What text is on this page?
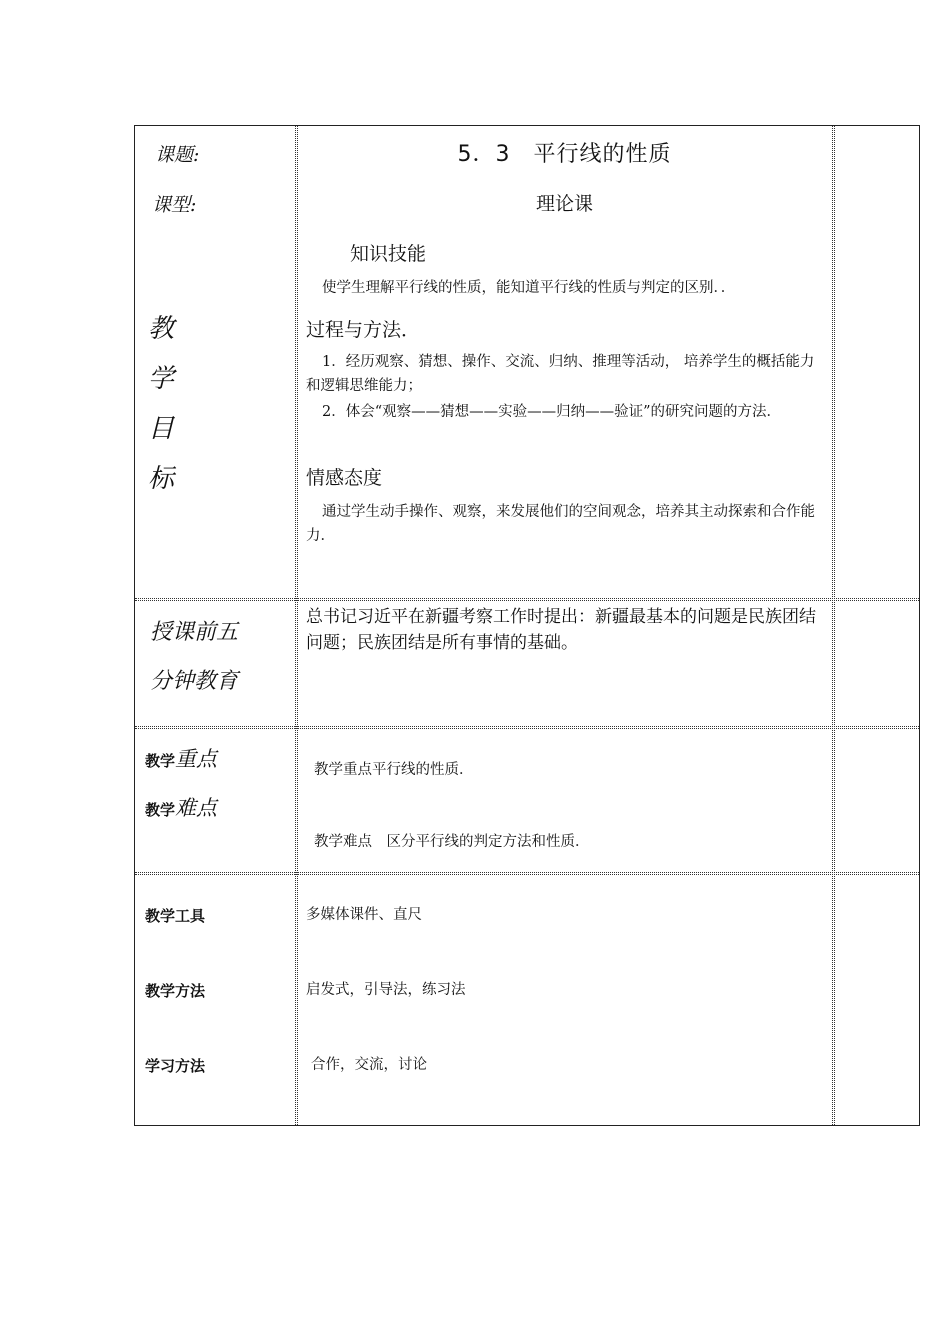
课题:
课型:
教
学
目
标
授课前五
分钟教育
教学重点
教学难点
教学工具
教学方法
学习方法
5．3　平行线的性质
理论课
知识技能
使学生理解平行线的性质，能知道平行线的性质与判定的区别．．
过程与方法．
1．经历观察、猜想、操作、交流、归纳、推理等活动， 培养学生的概括能力和逻辑思维能力；
2．体会“观察——猜想——实验——归纳——验证”的研究问题的方法．
情感态度
通过学生动手操作、观察，来发展他们的空间观念，培养其主动探索和合作能力．
总书记习近平在新疆考察工作时提出：新疆最基本的问题是民族团结问题；民族团结是所有事情的基础。
教学重点平行线的性质．
教学难点　区分平行线的判定方法和性质．
多媒体课件、直尺
启发式，引导法，练习法
合作，交流，讨论
